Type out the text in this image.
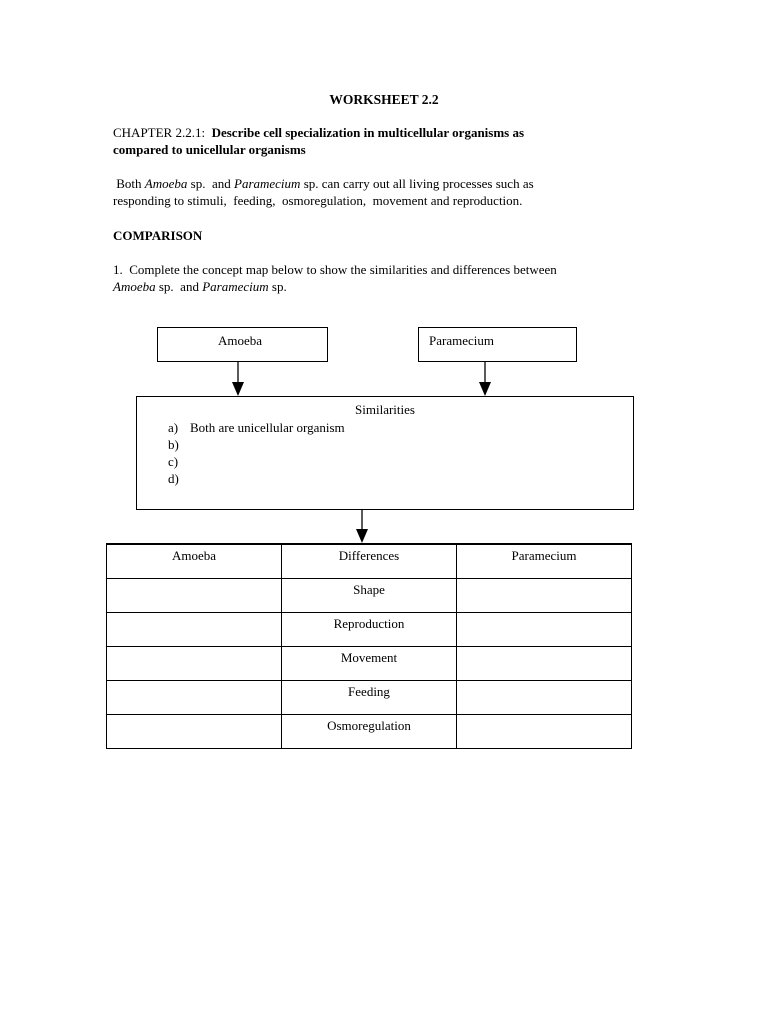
WORKSHEET 2.2
CHAPTER 2.2.1: Describe cell specialization in multicellular organisms as
compared to unicellular organisms
Both Amoeba sp.  and Paramecium sp. can carry out all living processes such as
responding to stimuli,  feeding,  osmoregulation,  movement and reproduction.
COMPARISON
1.  Complete the concept map below to show the similarities and differences between
Amoeba sp.  and Paramecium sp.
Amoeba	Paramecium
Similarities
a) Both are unicellular organism
b)
c)
d)
Amoeba	Differences	Paramecium

	Shape	

	Reproduction	

	Movement	

	Feeding	

	Osmoregulation	
